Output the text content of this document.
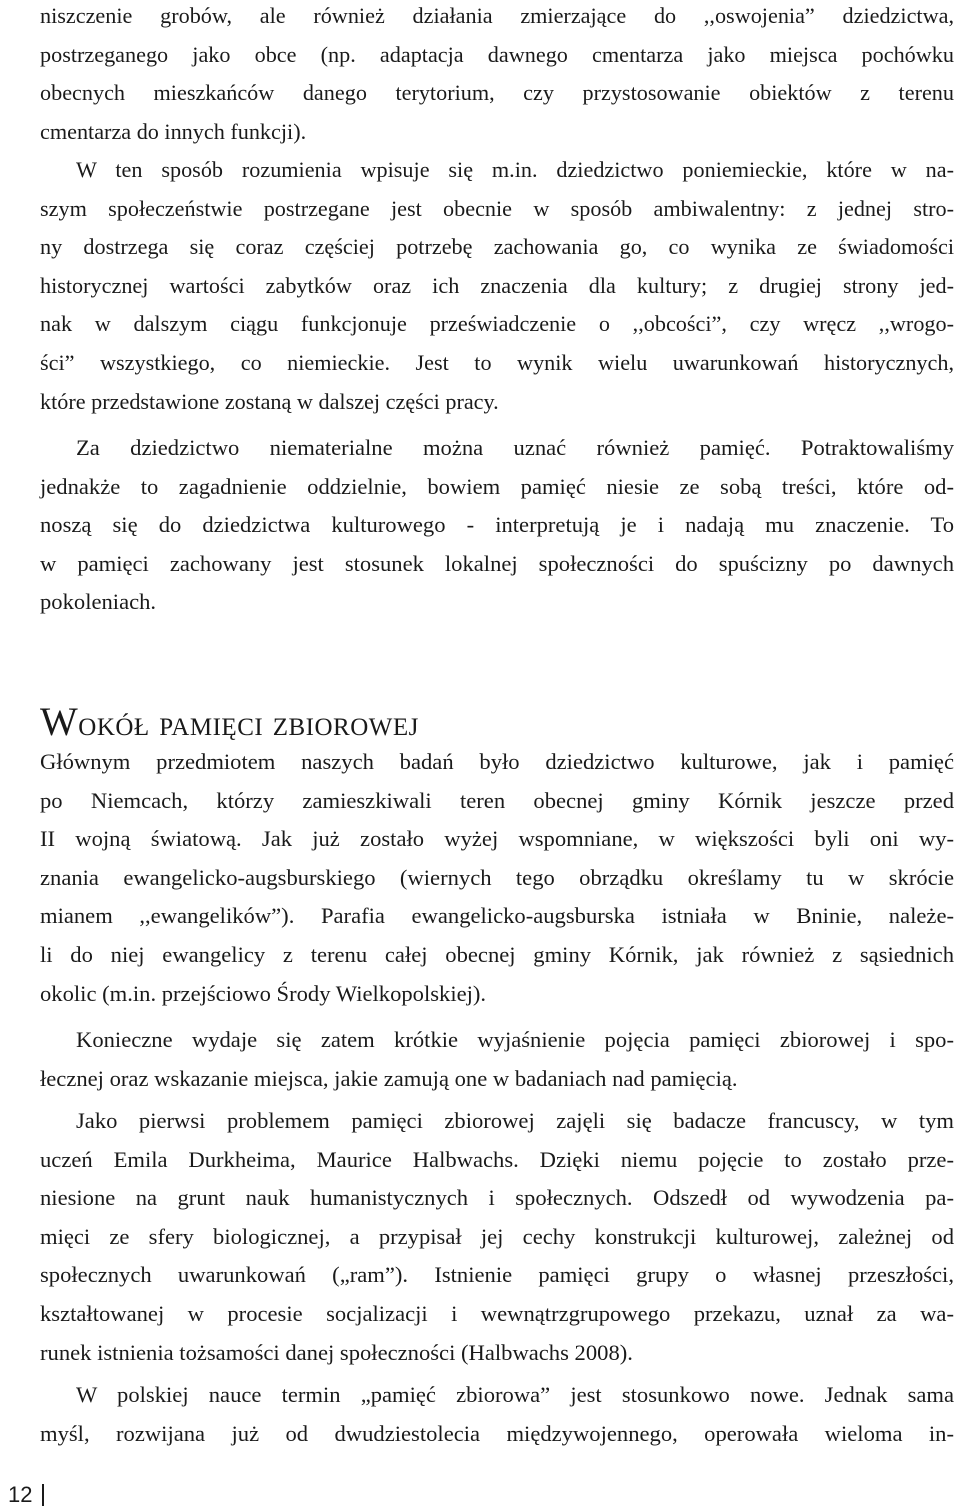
niszczenie grobów, ale również działania zmierzające do ,,oswojenia” dziedzictwa,
postrzeganego jako obce (np. adaptacja dawnego cmentarza jako miejsca pochówku
obecnych mieszkańców danego terytorium, czy przystosowanie obiektów z terenu
cmentarza do innych funkcji).
W ten sposób rozumienia wpisuje się m.in. dziedzictwo poniemieckie, które w na-
szym społeczeństwie postrzegane jest obecnie w sposób ambiwalentny: z jednej stro-
ny dostrzega się coraz częściej potrzebę zachowania go, co wynika ze świadomości
historycznej wartości zabytków oraz ich znaczenia dla kultury; z drugiej strony jed-
nak w dalszym ciągu funkcjonuje przeświadczenie o ,,obcości”, czy wręcz ,,wrogo-
ści” wszystkiego, co niemieckie. Jest to wynik wielu uwarunkowań historycznych,
które przedstawione zostaną w dalszej części pracy.
Za dziedzictwo niematerialne można uznać również pamięć. Potraktowaliśmy
jednakże to zagadnienie oddzielnie, bowiem pamięć niesie ze sobą treści, które od-
noszą się do dziedzictwa kulturowego - interpretują je i nadają mu znaczenie. To
w pamięci zachowany jest stosunek lokalnej społeczności do spuścizny po dawnych
pokoleniach.
Wokół pamięci zbiorowej
Głównym przedmiotem naszych badań było dziedzictwo kulturowe, jak i pamięć
po Niemcach, którzy zamieszkiwali teren obecnej gminy Kórnik jeszcze przed
II wojną światową. Jak już zostało wyżej wspomniane, w większości byli oni wy-
znania ewangelicko-augsburskiego (wiernych tego obrządku określamy tu w skrócie
mianem ,,ewangelików”). Parafia ewangelicko-augsburska istniała w Bninie, należe-
li do niej ewangelicy z terenu całej obecnej gminy Kórnik, jak również z sąsiednich
okolic (m.in. przejściowo Środy Wielkopolskiej).
Konieczne wydaje się zatem krótkie wyjaśnienie pojęcia pamięci zbiorowej i spo-
łecznej oraz wskazanie miejsca, jakie zamują one w badaniach nad pamięcią.
Jako pierwsi problemem pamięci zbiorowej zajęli się badacze francuscy, w tym
uczeń Emila Durkheima, Maurice Halbwachs. Dzięki niemu pojęcie to zostało prze-
niesione na grunt nauk humanistycznych i społecznych. Odszedł od wywodzenia pa-
mięci ze sfery biologicznej, a przypisał jej cechy konstrukcji kulturowej, zależnej od
społecznych uwarunkowań („ram”). Istnienie pamięci grupy o własnej przeszłości,
kształtowanej w procesie socjalizacji i wewnątrzgrupowego przekazu, uznał za wa-
runek istnienia tożsamości danej społeczności (Halbwachs 2008).
W polskiej nauce termin „pamięć zbiorowa” jest stosunkowo nowe. Jednak sama
myśl, rozwijana już od dwudziestolecia międzywojennego, operowała wieloma in-
12
